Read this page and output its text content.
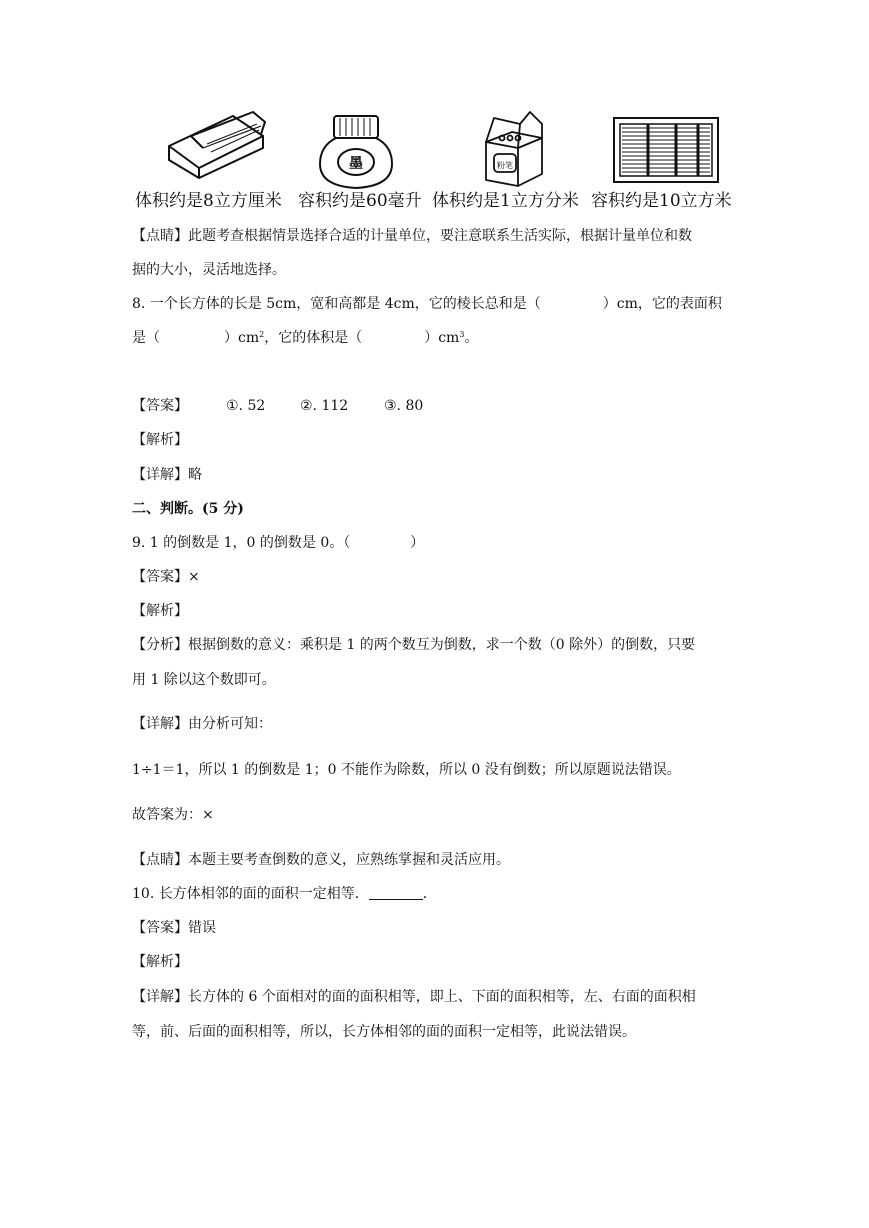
墨	粉笔
体积约是8立方厘米 容积约是60毫升 体积约是1立方分米 容积约是10立方米
【点睛】此题考查根据情景选择合适的计量单位，要注意联系生活实际，根据计量单位和数
据的大小，灵活地选择。
8. 一个长方体的长是 5cm，宽和高都是 4cm，它的棱长总和是（	）cm，它的表面积
是（	）$cm^2$，它的体积是（	）$cm^3$。
【答案】	①. 52 ②. 112	③. 80
【解析】
【详解】略
二、判断。(5 分)
9. 1 的倒数是 1，0 的倒数是 0。（	）
【答案】×
【解析】
【分析】根据倒数的意义：乘积是 1 的两个数互为倒数，求一个数（0 除外）的倒数，只要
用 1 除以这个数即可。
【详解】由分析可知：
1÷1＝1，所以 1 的倒数是 1；0 不能作为除数，所以 0 没有倒数；所以原题说法错误。
故答案为：×
【点睛】本题主要考查倒数的意义，应熟练掌握和灵活应用。
10. 长方体相邻的面的面积一定相等．	．
【答案】错误
【解析】
【详解】长方体的 6 个面相对的面的面积相等，即上、下面的面积相等，左、右面的面积相
等，前、后面的面积相等，所以，长方体相邻的面的面积一定相等，此说法错误。
